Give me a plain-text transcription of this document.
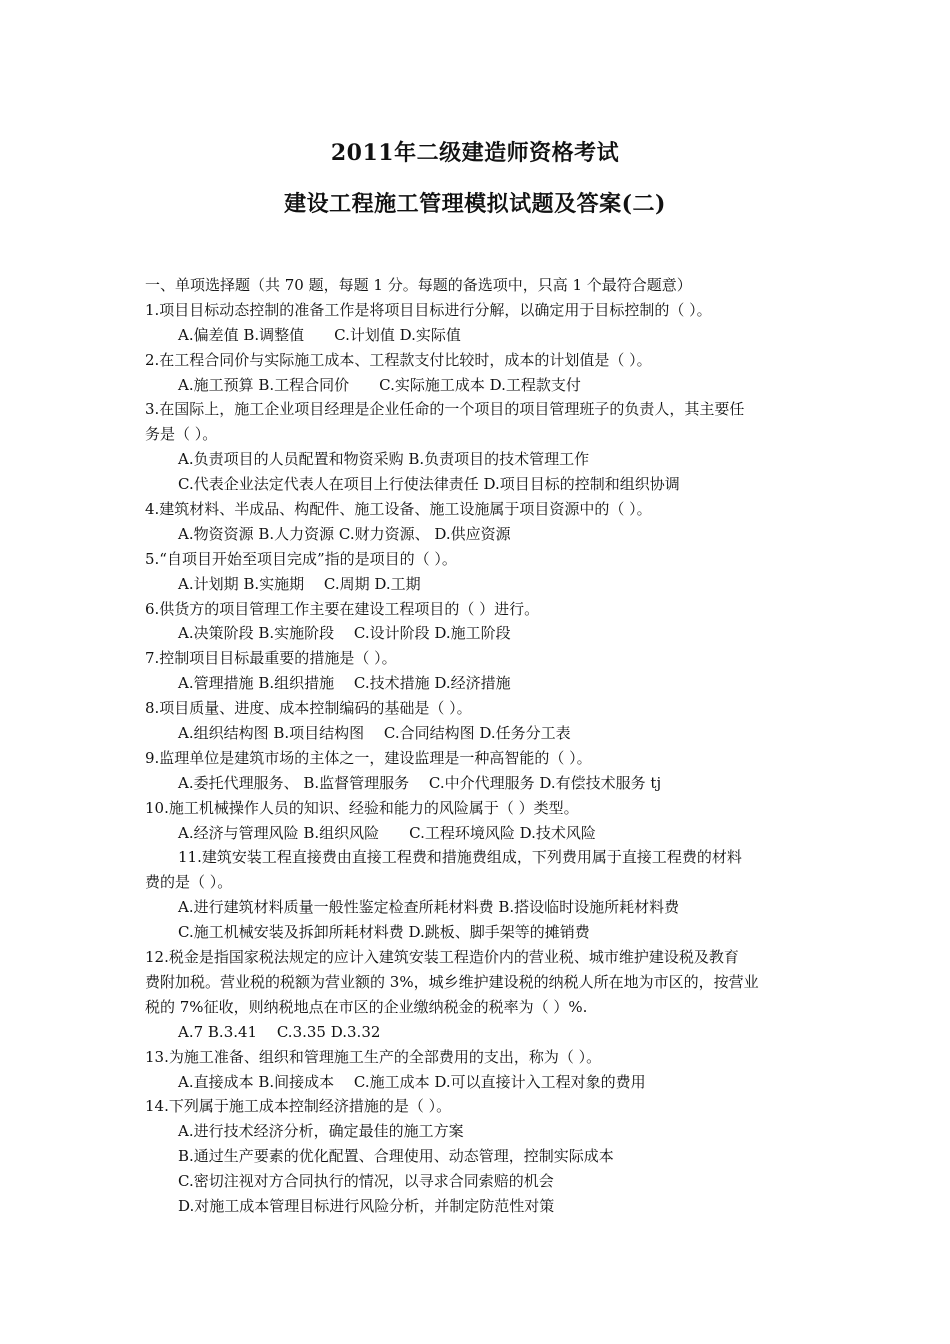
2011年二级建造师资格考试
建设工程施工管理模拟试题及答案(二)
一、单项选择题（共 70 题，每题 1 分。每题的备选项中，只高 1 个最符合题意）
1.项目目标动态控制的准备工作是将项目目标进行分解，以确定用于目标控制的（ ）。
A.偏差值 B.调整值　　C.计划值 D.实际值
2.在工程合同价与实际施工成本、工程款支付比较时，成本的计划值是（ ）。
A.施工预算 B.工程合同价　　C.实际施工成本 D.工程款支付
3.在国际上，施工企业项目经理是企业任命的一个项目的项目管理班子的负责人，其主要任
务是（ ）。
A.负责项目的人员配置和物资采购 B.负责项目的技术管理工作
C.代表企业法定代表人在项目上行使法律责任 D.项目目标的控制和组织协调
4.建筑材料、半成品、构配件、施工设备、施工设施属于项目资源中的（ ）。
A.物资资源 B.人力资源 C.财力资源、 D.供应资源
5.“自项目开始至项目完成”指的是项目的（ ）。
A.计划期 B.实施期　 C.周期 D.工期
6.供货方的项目管理工作主要在建设工程项目的（ ）进行。
A.决策阶段 B.实施阶段　 C.设计阶段 D.施工阶段
7.控制项目目标最重要的措施是（ ）。
A.管理措施 B.组织措施　 C.技术措施 D.经济措施
8.项目质量、进度、成本控制编码的基础是（ ）。
A.组织结构图 B.项目结构图　 C.合同结构图 D.任务分工表
9.监理单位是建筑市场的主体之一，建设监理是一种高智能的（ ）。
A.委托代理服务、 B.监督管理服务　 C.中介代理服务 D.有偿技术服务 tj
10.施工机械操作人员的知识、经验和能力的风险属于（ ）类型。
A.经济与管理风险 B.组织风险　　C.工程环境风险 D.技术风险
11.建筑安装工程直接费由直接工程费和措施费组成，下列费用属于直接工程费的材料
费的是（ ）。
A.进行建筑材料质量一般性鉴定检查所耗材料费 B.搭设临时设施所耗材料费
C.施工机械安装及拆卸所耗材料费 D.跳板、脚手架等的摊销费
12.税金是指国家税法规定的应计入建筑安装工程造价内的营业税、城市维护建设税及教育
费附加税。营业税的税额为营业额的 3%，城乡维护建设税的纳税人所在地为市区的，按营业
税的 7%征收，则纳税地点在市区的企业缴纳税金的税率为（ ）%.
A.7 B.3.41　 C.3.35 D.3.32
13.为施工准备、组织和管理施工生产的全部费用的支出，称为（ ）。
A.直接成本 B.间接成本　 C.施工成本 D.可以直接计入工程对象的费用
14.下列属于施工成本控制经济措施的是（ ）。
A.进行技术经济分析，确定最佳的施工方案
B.通过生产要素的优化配置、合理使用、动态管理，控制实际成本
C.密切注视对方合同执行的情况，以寻求合同索赔的机会
D.对施工成本管理目标进行风险分析，并制定防范性对策
